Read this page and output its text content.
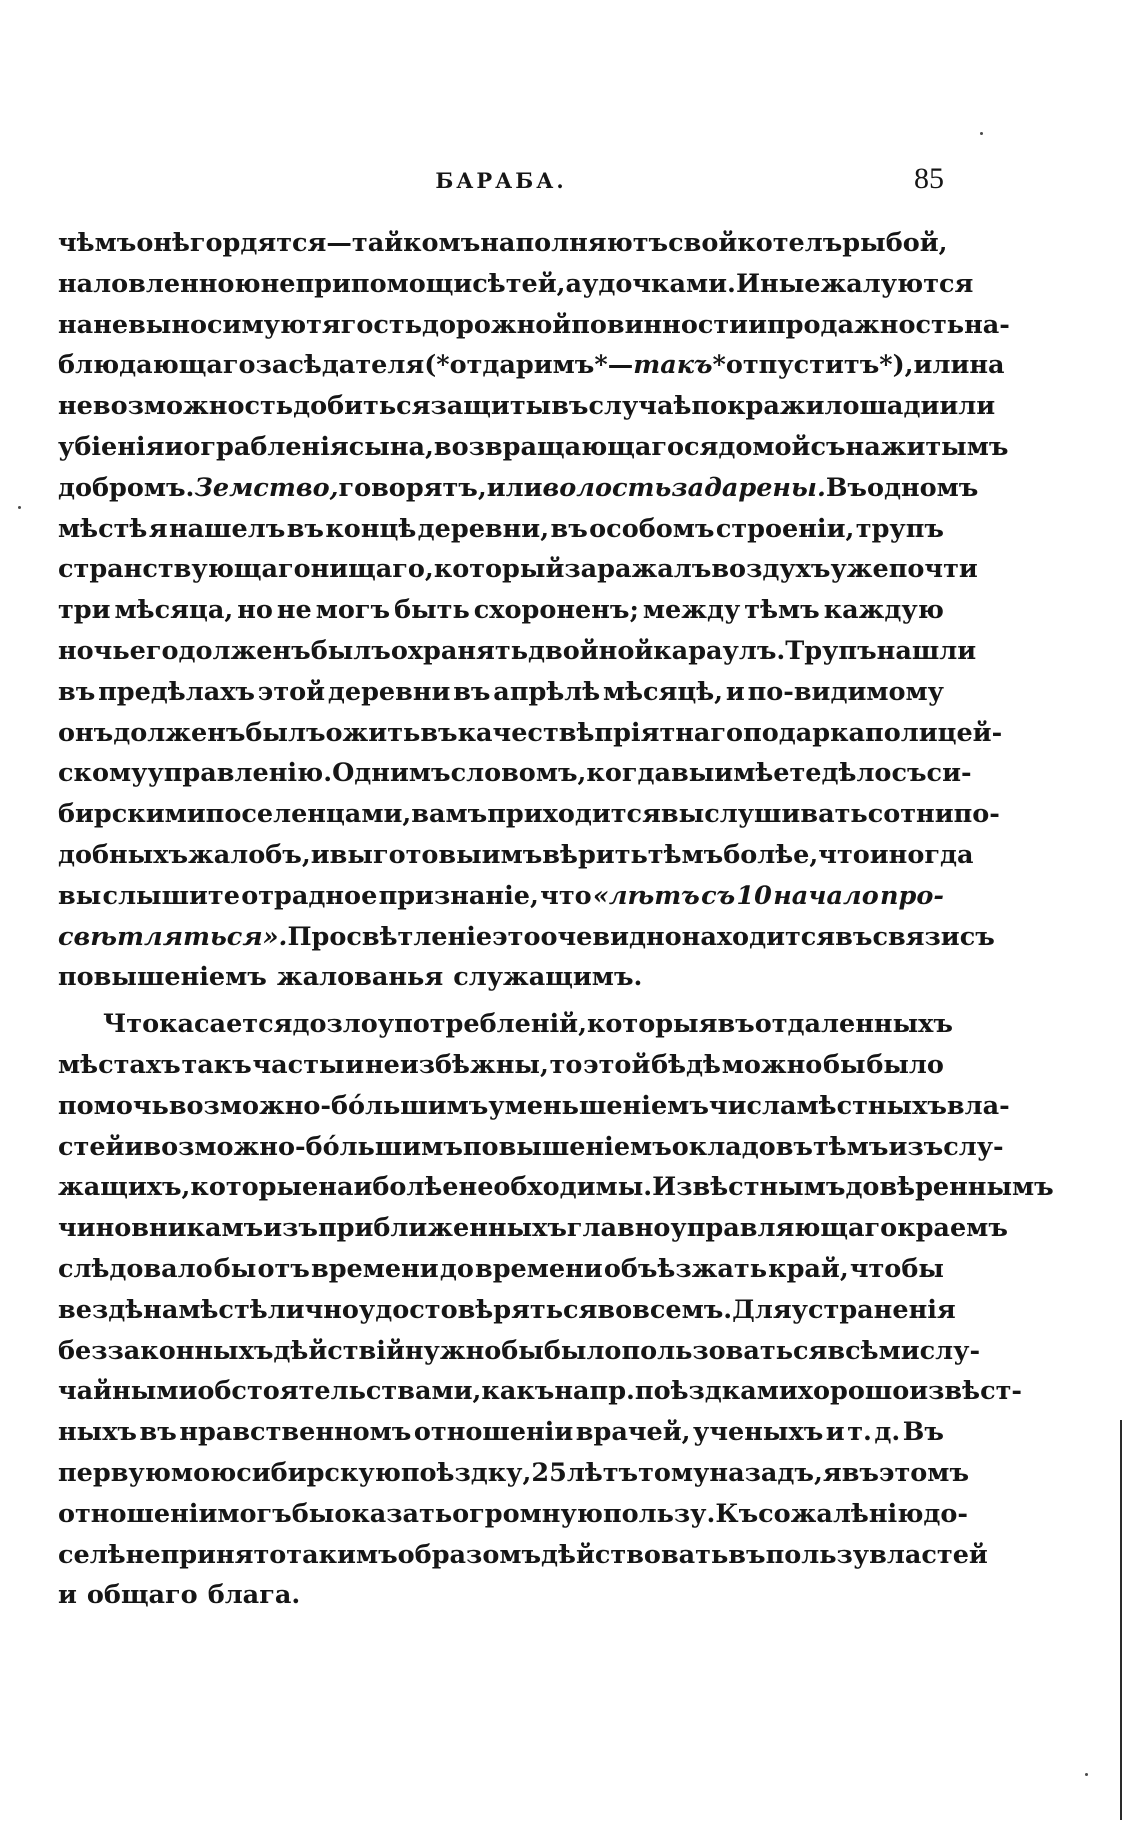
БАРАБА.	85
чѣмъ онѣ гордятся — тайкомъ наполняютъ свой котелъ рыбой,
наловленною не при помощи сѣтей, а удочками. Иные жалуются
на невыносимую тягость дорожной повинности и продажность на-
блюдающаго засѣдателя (*отдаримъ* — такъ *отпуститъ*), или на
невозможность добиться защиты въ случаѣ покражи лошади или
убіенія и ограбленія сына, возвращающагося домой съ нажитымъ
добромъ. Земство, говорятъ, или волость задарены. Въ одномъ
мѣстѣ я нашелъ въ концѣ деревни, въ особомъ строеніи, трупъ
странствующаго нищаго, который заражалъ воздухъ уже почти
три мѣсяца, но не могъ быть схороненъ; между тѣмъ каждую
ночь его долженъ былъ охранять двойной караулъ. Трупъ нашли
въ предѣлахъ этой деревни въ апрѣлѣ мѣсяцѣ, и по-видимому
онъ долженъ былъ ожить въ качествѣ пріятнаго подарка полицей-
скому управленію. Однимъ словомъ, когда вы имѣете дѣло съ си-
бирскими поселенцами, вамъ приходится выслушивать сотни по-
добныхъ жалобъ, и вы готовы имъ вѣрить тѣмъ болѣе, что иногда
вы слышите отрадное признаніе, что «лѣтъ съ 10 начало про-
свѣтляться». Просвѣтленіе это очевидно находится въ связи съ
повышеніемъ жалованья служащимъ.
Что касается до злоупотребленій, которыя въ отдаленныхъ
мѣстахъ такъ часты и неизбѣжны, то этой бѣдѣ можно бы было
помочь возможно-бóльшимъ уменьшеніемъ числа мѣстныхъ вла-
стей и возможно-бóльшимъ повышеніемъ окладовъ тѣмъ изъ слу-
жащихъ, которые наиболѣе необходимы. Извѣстнымъ довѣреннымъ
чиновникамъ изъ приближенныхъ главноуправляющаго краемъ
слѣдовало бы отъ времени до времени объѣзжать край, чтобы
вездѣ на мѣстѣ лично удостовѣряться во всемъ. Для устраненія
беззаконныхъ дѣйствій нужно бы было пользоваться всѣми слу-
чайными обстоятельствами, какъ напр. поѣздками хорошо извѣст-
ныхъ въ нравственномъ отношеніи врачей, ученыхъ и т. д. Въ
первую мою сибирскую поѣздку, 25 лѣтъ тому назадъ, я въ этомъ
отношеніи могъ бы оказать огромную пользу. Къ сожалѣнію до-
селѣ не принято такимъ образомъ дѣйствовать въ пользу властей
и общаго блага.
